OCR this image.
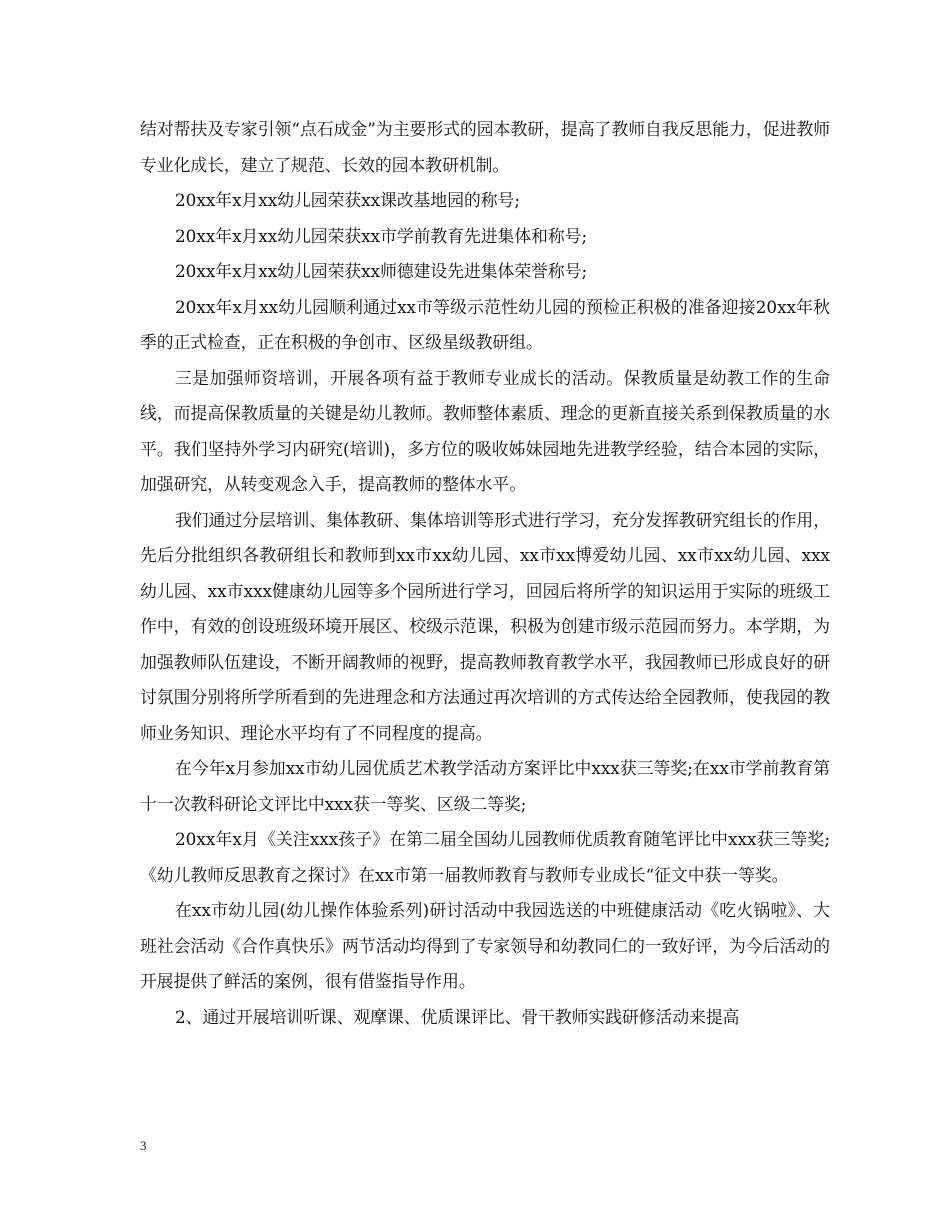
结对帮扶及专家引领“点石成金”为主要形式的园本教研，提高了教师自我反思能力，促进教师专业化成长，建立了规范、长效的园本教研机制。

20xx年x月xx幼儿园荣获xx课改基地园的称号;

20xx年x月xx幼儿园荣获xx市学前教育先进集体和称号;

20xx年x月xx幼儿园荣获xx师德建设先进集体荣誉称号;

20xx年x月xx幼儿园顺利通过xx市等级示范性幼儿园的预检正积极的准备迎接20xx年秋季的正式检查，正在积极的争创市、区级星级教研组。

三是加强师资培训，开展各项有益于教师专业成长的活动。保教质量是幼教工作的生命线，而提高保教质量的关键是幼儿教师。教师整体素质、理念的更新直接关系到保教质量的水平。我们坚持外学习内研究(培训)，多方位的吸收姊妹园地先进教学经验，结合本园的实际，加强研究，从转变观念入手，提高教师的整体水平。

我们通过分层培训、集体教研、集体培训等形式进行学习，充分发挥教研究组长的作用，先后分批组织各教研组长和教师到xx市xx幼儿园、xx市xx博爱幼儿园、xx市xx幼儿园、xxx幼儿园、xx市xxx健康幼儿园等多个园所进行学习，回园后将所学的知识运用于实际的班级工作中，有效的创设班级环境开展区、校级示范课，积极为创建市级示范园而努力。本学期，为加强教师队伍建设，不断开阔教师的视野，提高教师教育教学水平，我园教师已形成良好的研讨氛围分别将所学所看到的先进理念和方法通过再次培训的方式传达给全园教师，使我园的教师业务知识、理论水平均有了不同程度的提高。

在今年x月参加xx市幼儿园优质艺术教学活动方案评比中xxx获三等奖;在xx市学前教育第十一次教科研论文评比中xxx获一等奖、区级二等奖;

20xx年x月《关注xxx孩子》在第二届全国幼儿园教师优质教育随笔评比中xxx获三等奖;《幼儿教师反思教育之探讨》在xx市第一届教师教育与教师专业成长“征文中获一等奖。

在xx市幼儿园(幼儿操作体验系列)研讨活动中我园选送的中班健康活动《吃火锅啦》、大班社会活动《合作真快乐》两节活动均得到了专家领导和幼教同仁的一致好评，为今后活动的开展提供了鲜活的案例，很有借鉴指导作用。

2、通过开展培训听课、观摩课、优质课评比、骨干教师实践研修活动来提高

3
